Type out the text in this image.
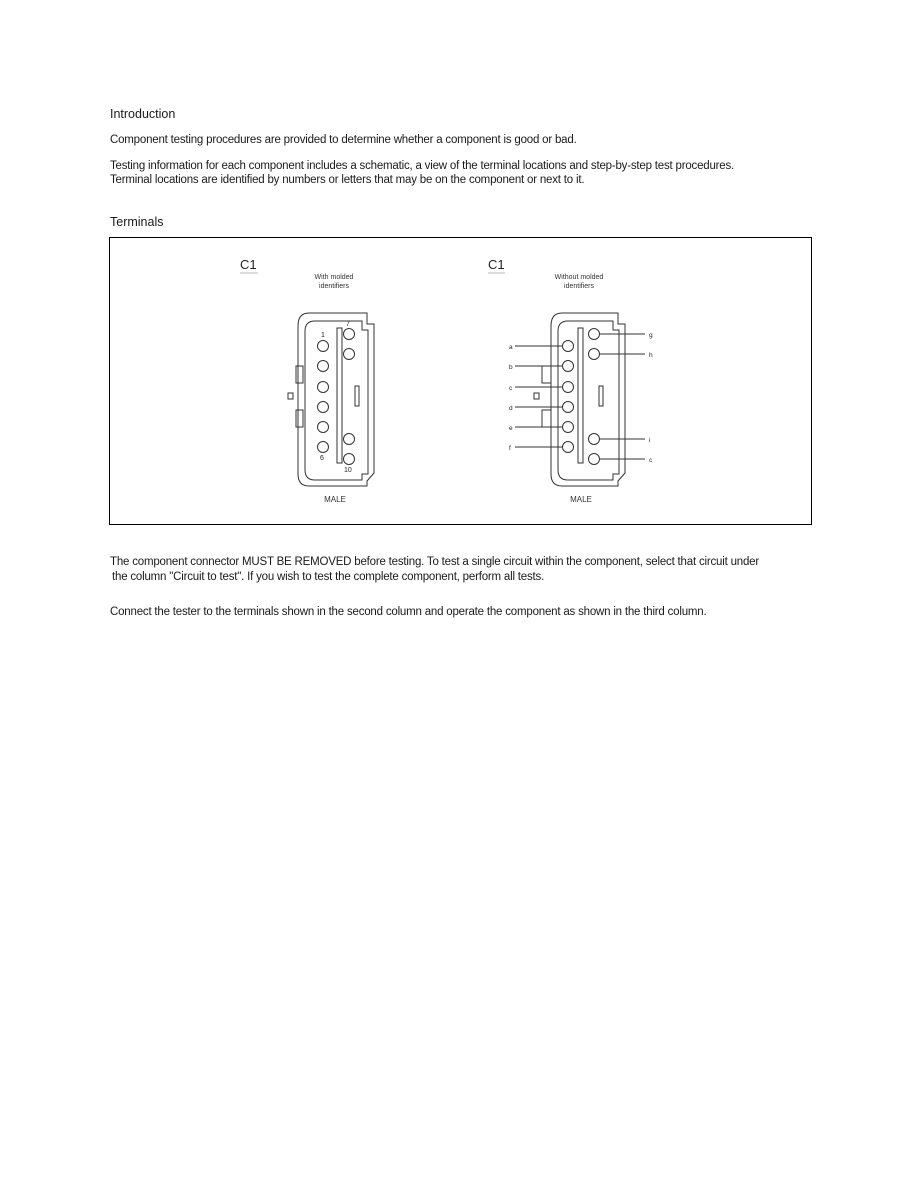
Introduction
Component testing procedures are provided to determine whether a component is good or bad.
Testing information for each component includes a schematic, a view of the terminal locations and step-by-step test procedures.
Terminal locations are identified by numbers or letters that may be on the component or next to it.
Terminals
C1
With molded
identifiers
1
7
6
10
MALE
C1
Without molded
identifiers
a
b
c
d
e
f
g
h
i
c
MALE
The component connector MUST BE REMOVED before testing. To test a single circuit within the component, select that circuit under
the column "Circuit to test". If you wish to test the complete component, perform all tests.
Connect the tester to the terminals shown in the second column and operate the component as shown in the third column.
